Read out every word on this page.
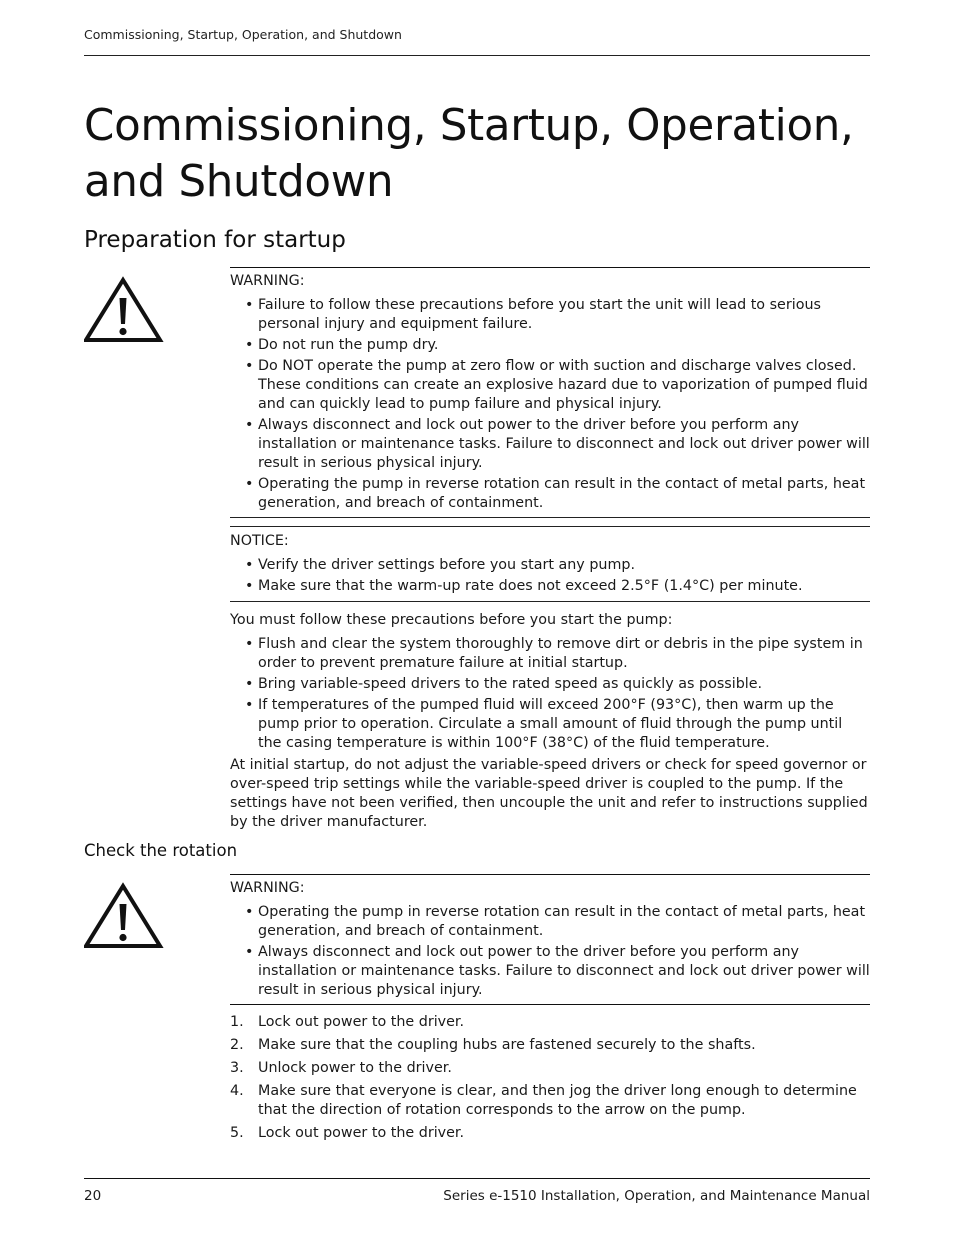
Commissioning, Startup, Operation, and Shutdown
Commissioning, Startup, Operation, and Shutdown
Preparation for startup

WARNING:

• Failure to follow these precautions before you start the unit will lead to serious personal injury and equipment failure.
• Do not run the pump dry.
• Do NOT operate the pump at zero flow or with suction and discharge valves closed. These conditions can create an explosive hazard due to vaporization of pumped fluid and can quickly lead to pump failure and physical injury.
• Always disconnect and lock out power to the driver before you perform any installation or maintenance tasks. Failure to disconnect and lock out driver power will result in serious physical injury.
• Operating the pump in reverse rotation can result in the contact of metal parts, heat generation, and breach of containment.

NOTICE:

• Verify the driver settings before you start any pump.
• Make sure that the warm-up rate does not exceed 2.5°F (1.4°C) per minute.

You must follow these precautions before you start the pump:

• Flush and clear the system thoroughly to remove dirt or debris in the pipe system in order to prevent premature failure at initial startup.
• Bring variable-speed drivers to the rated speed as quickly as possible.
• If temperatures of the pumped fluid will exceed 200°F (93°C), then warm up the pump prior to operation. Circulate a small amount of fluid through the pump until the casing temperature is within 100°F (38°C) of the fluid temperature.

At initial startup, do not adjust the variable-speed drivers or check for speed governor or over-speed trip settings while the variable-speed driver is coupled to the pump. If the settings have not been verified, then uncouple the unit and refer to instructions supplied by the driver manufacturer.

Check the rotation

WARNING:

• Operating the pump in reverse rotation can result in the contact of metal parts, heat generation, and breach of containment.
• Always disconnect and lock out power to the driver before you perform any installation or maintenance tasks. Failure to disconnect and lock out driver power will result in serious physical injury.
1. Lock out power to the driver.
2. Make sure that the coupling hubs are fastened securely to the shafts.
3. Unlock power to the driver.
4. Make sure that everyone is clear, and then jog the driver long enough to determine that the direction of rotation corresponds to the arrow on the pump.
5. Lock out power to the driver.
20	Series e-1510 Installation, Operation, and Maintenance Manual
